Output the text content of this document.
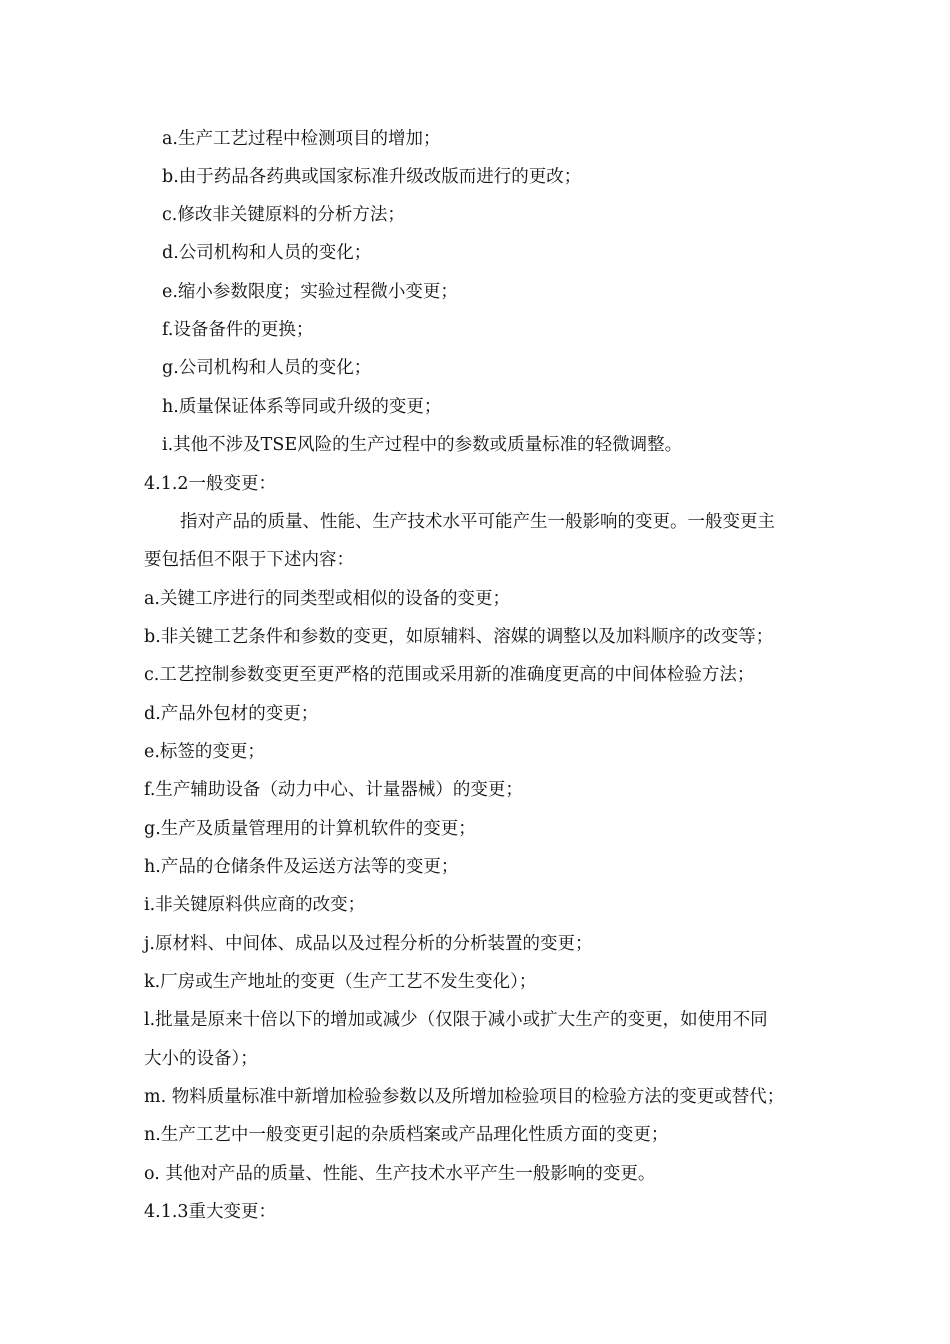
a.生产工艺过程中检测项目的增加；
b.由于药品各药典或国家标准升级改版而进行的更改；
c.修改非关键原料的分析方法；
d.公司机构和人员的变化；
e.缩小参数限度；实验过程微小变更；
f.设备备件的更换；
g.公司机构和人员的变化；
h.质量保证体系等同或升级的变更；
i.其他不涉及TSE风险的生产过程中的参数或质量标准的轻微调整。
4.1.2一般变更：
指对产品的质量、性能、生产技术水平可能产生一般影响的变更。一般变更主
要包括但不限于下述内容：
a.关键工序进行的同类型或相似的设备的变更；
b.非关键工艺条件和参数的变更，如原辅料、溶媒的调整以及加料顺序的改变等；
c.工艺控制参数变更至更严格的范围或采用新的准确度更高的中间体检验方法；
d.产品外包材的变更；
e.标签的变更；
f.生产辅助设备（动力中心、计量器械）的变更；
g.生产及质量管理用的计算机软件的变更；
h.产品的仓储条件及运送方法等的变更；
i.非关键原料供应商的改变；
j.原材料、中间体、成品以及过程分析的分析装置的变更；
k.厂房或生产地址的变更（生产工艺不发生变化）；
l.批量是原来十倍以下的增加或减少（仅限于减小或扩大生产的变更，如使用不同
大小的设备）；
m. 物料质量标准中新增加检验参数以及所增加检验项目的检验方法的变更或替代；
n.生产工艺中一般变更引起的杂质档案或产品理化性质方面的变更；
o. 其他对产品的质量、性能、生产技术水平产生一般影响的变更。
4.1.3重大变更：
